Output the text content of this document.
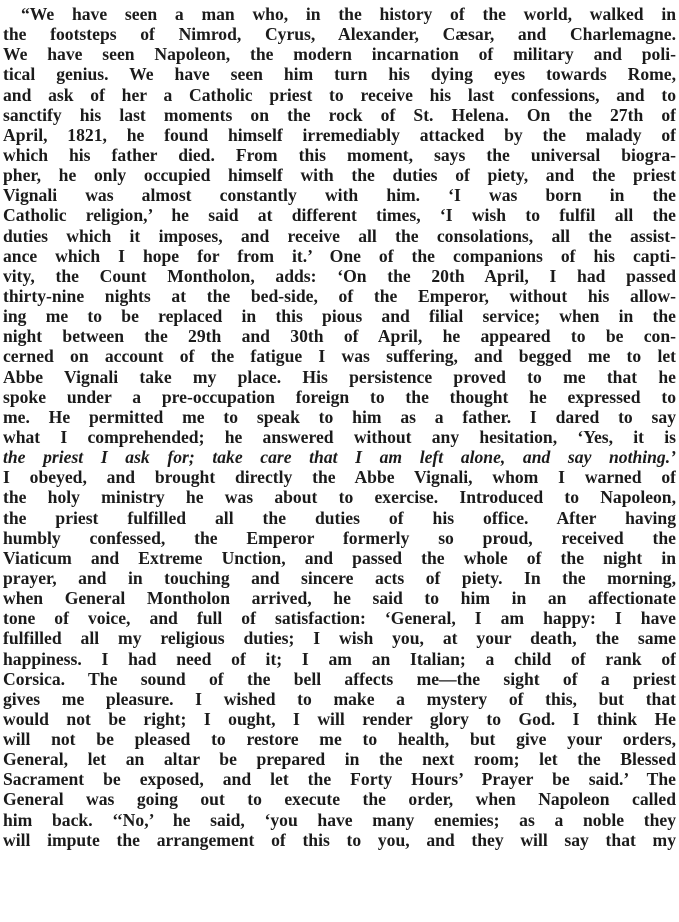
“We have seen a man who, in the history of the world, walked in
the footsteps of Nimrod, Cyrus, Alexander, Cæsar, and Charlemagne.
We have seen Napoleon, the modern incarnation of military and poli-
tical genius. We have seen him turn his dying eyes towards Rome,
and ask of her a Catholic priest to receive his last confessions, and to
sanctify his last moments on the rock of St. Helena. On the 27th of
April, 1821, he found himself irremediably attacked by the malady of
which his father died. From this moment, says the universal biogra-
pher, he only occupied himself with the duties of piety, and the priest
Vignali was almost constantly with him. ‘I was born in the
Catholic religion,’ he said at different times, ‘I wish to fulfil all the
duties which it imposes, and receive all the consolations, all the assist-
ance which I hope for from it.’ One of the companions of his capti-
vity, the Count Montholon, adds: ‘On the 20th April, I had passed
thirty-nine nights at the bed-side, of the Emperor, without his allow-
ing me to be replaced in this pious and filial service; when in the
night between the 29th and 30th of April, he appeared to be con-
cerned on account of the fatigue I was suffering, and begged me to let
Abbe Vignali take my place. His persistence proved to me that he
spoke under a pre-occupation foreign to the thought he expressed to
me. He permitted me to speak to him as a father. I dared to say
what I comprehended; he answered without any hesitation, ‘Yes, it is
the priest I ask for; take care that I am left alone, and say nothing.’
I obeyed, and brought directly the Abbe Vignali, whom I warned of
the holy ministry he was about to exercise. Introduced to Napoleon,
the priest fulfilled all the duties of his office. After having
humbly confessed, the Emperor formerly so proud, received the
Viaticum and Extreme Unction, and passed the whole of the night in
prayer, and in touching and sincere acts of piety. In the morning,
when General Montholon arrived, he said to him in an affectionate
tone of voice, and full of satisfaction: ‘General, I am happy: I have
fulfilled all my religious duties; I wish you, at your death, the same
happiness. I had need of it; I am an Italian; a child of rank of
Corsica. The sound of the bell affects me—the sight of a priest
gives me pleasure. I wished to make a mystery of this, but that
would not be right; I ought, I will render glory to God. I think He
will not be pleased to restore me to health, but give your orders,
General, let an altar be prepared in the next room; let the Blessed
Sacrament be exposed, and let the Forty Hours’ Prayer be said.’ The
General was going out to execute the order, when Napoleon called
him back. ‘‘No,’ he said, ‘you have many enemies; as a noble they
will impute the arrangement of this to you, and they will say that my
